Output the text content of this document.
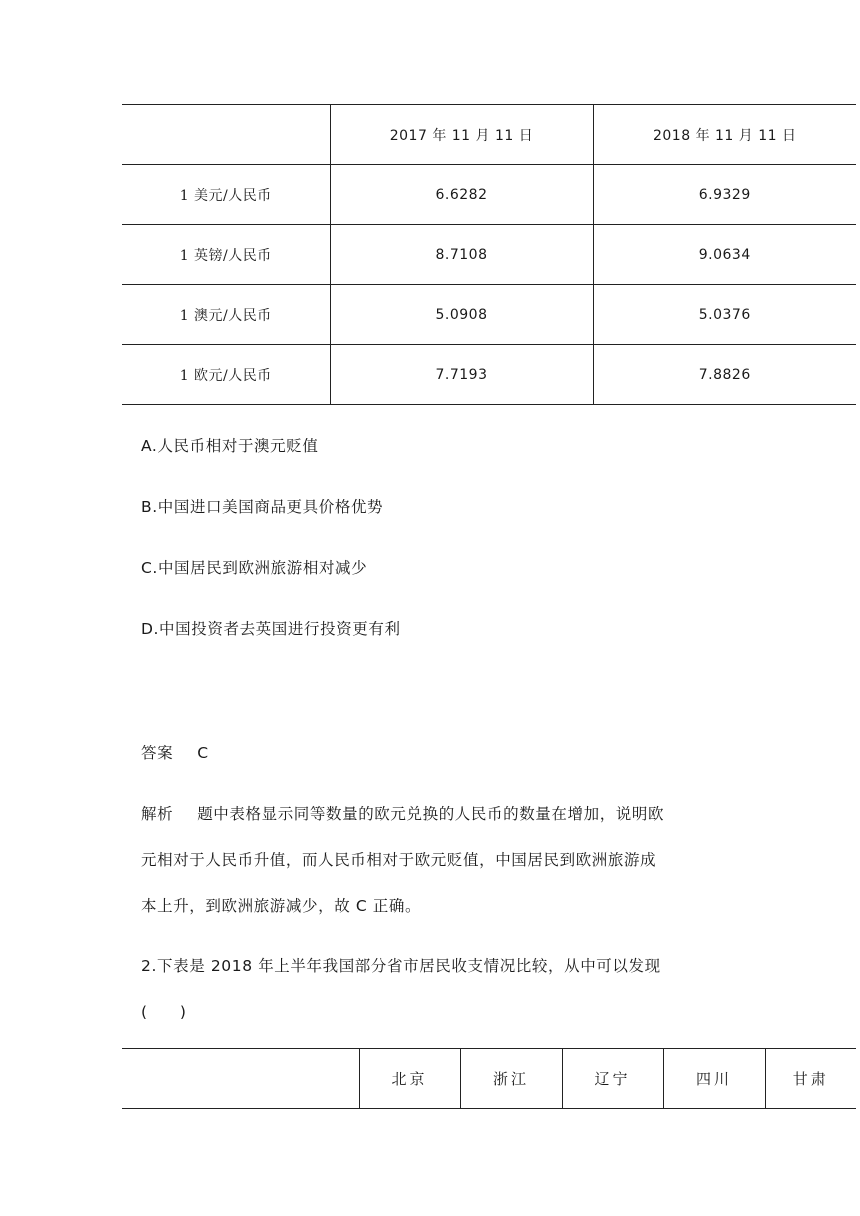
	2017 年 11 月 11 日	2018 年 11 月 11 日
1 美元/人民币	6.6282	6.9329
1 英镑/人民币	8.7108	9.0634
1 澳元/人民币	5.0908	5.0376
1 欧元/人民币	7.7193	7.8826
A.人民币相对于澳元贬值
B.中国进口美国商品更具价格优势
C.中国居民到欧洲旅游相对减少
D.中国投资者去英国进行投资更有利
答案 C
解析 题中表格显示同等数量的欧元兑换的人民币的数量在增加，说明欧
元相对于人民币升值，而人民币相对于欧元贬值，中国居民到欧洲旅游成
本上升，到欧洲旅游减少，故 C 正确。
2.下表是 2018 年上半年我国部分省市居民收支情况比较，从中可以发现
(　　)
	北京	浙江	辽宁	四川	甘肃
